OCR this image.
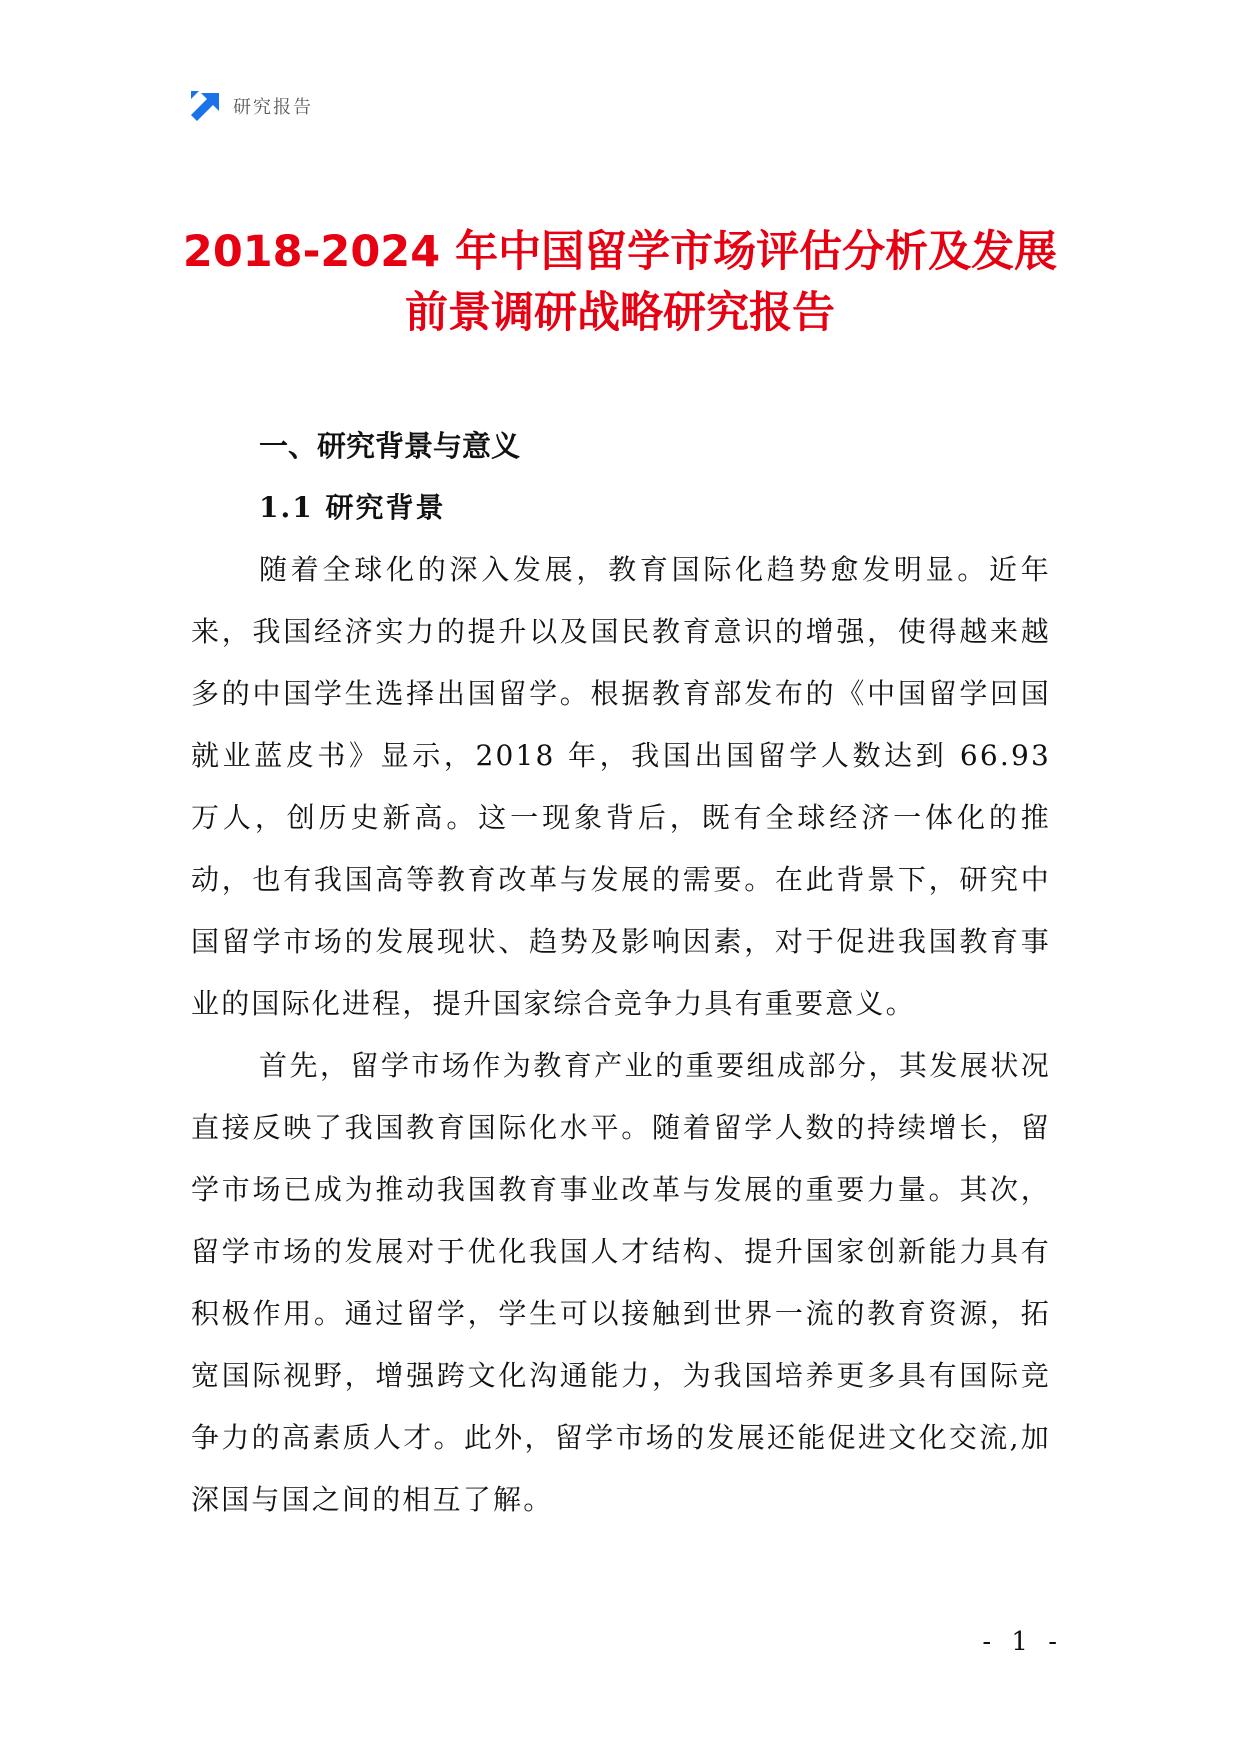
研究报告
2018-2024 年中国留学市场评估分析及发展
前景调研战略研究报告
一、研究背景与意义
1.1 研究背景

随着全球化的深入发展，教育国际化趋势愈发明显。近年来，我国经济实力的提升以及国民教育意识的增强，使得越来越多的中国学生选择出国留学。根据教育部发布的《中国留学回国就业蓝皮书》显示，2018 年，我国出国留学人数达到 66.93 万人，创历史新高。这一现象背后，既有全球经济一体化的推动，也有我国高等教育改革与发展的需要。在此背景下，研究中国留学市场的发展现状、趋势及影响因素，对于促进我国教育事业的国际化进程，提升国家综合竞争力具有重要意义。

首先，留学市场作为教育产业的重要组成部分，其发展状况直接反映了我国教育国际化水平。随着留学人数的持续增长，留学市场已成为推动我国教育事业改革与发展的重要力量。其次，留学市场的发展对于优化我国人才结构、提升国家创新能力具有积极作用。通过留学，学生可以接触到世界一流的教育资源，拓宽国际视野，增强跨文化沟通能力，为我国培养更多具有国际竞争力的高素质人才。此外，留学市场的发展还能促进文化交流,加深国与国之间的相互了解。

- 1 -
